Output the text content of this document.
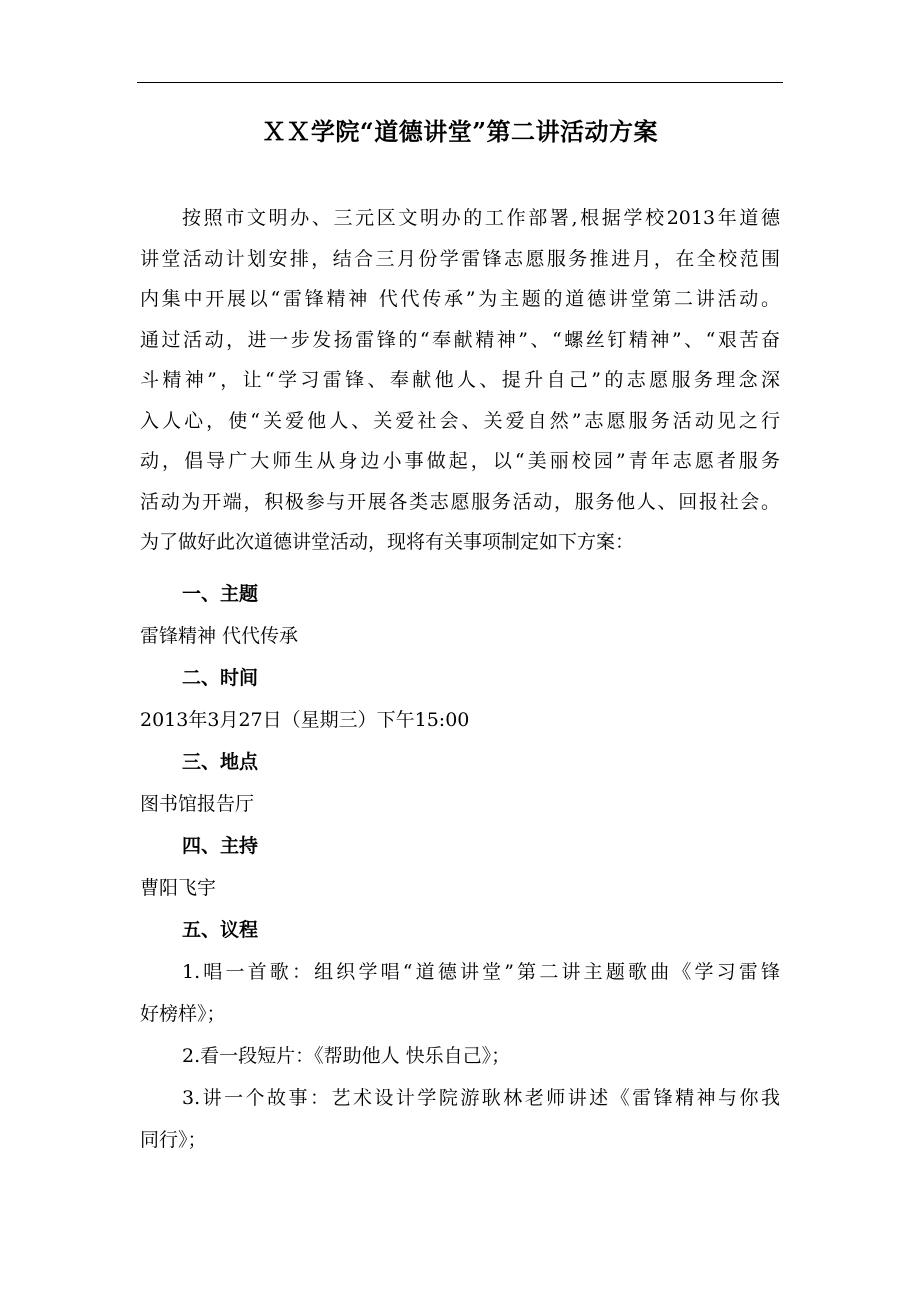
ＸＸ学院“道德讲堂”第二讲活动方案
按照市文明办、三元区文明办的工作部署,根据学校2013年道德
讲堂活动计划安排，结合三月份学雷锋志愿服务推进月，在全校范围
内集中开展以“雷锋精神 代代传承”为主题的道德讲堂第二讲活动。
通过活动，进一步发扬雷锋的“奉献精神”、“螺丝钉精神”、“艰苦奋
斗精神”，让“学习雷锋、奉献他人、提升自己”的志愿服务理念深
入人心，使“关爱他人、关爱社会、关爱自然”志愿服务活动见之行
动，倡导广大师生从身边小事做起，以“美丽校园”青年志愿者服务
活动为开端，积极参与开展各类志愿服务活动，服务他人、回报社会。
为了做好此次道德讲堂活动，现将有关事项制定如下方案：
一、主题
雷锋精神 代代传承
二、时间
2013年3月27日（星期三）下午15:00
三、地点
图书馆报告厅
四、主持
曹阳飞宇
五、议程
1.唱一首歌：组织学唱“道德讲堂”第二讲主题歌曲《学习雷锋
好榜样》；
2.看一段短片：《帮助他人 快乐自己》；
3.讲一个故事：艺术设计学院游耿林老师讲述《雷锋精神与你我
同行》；
